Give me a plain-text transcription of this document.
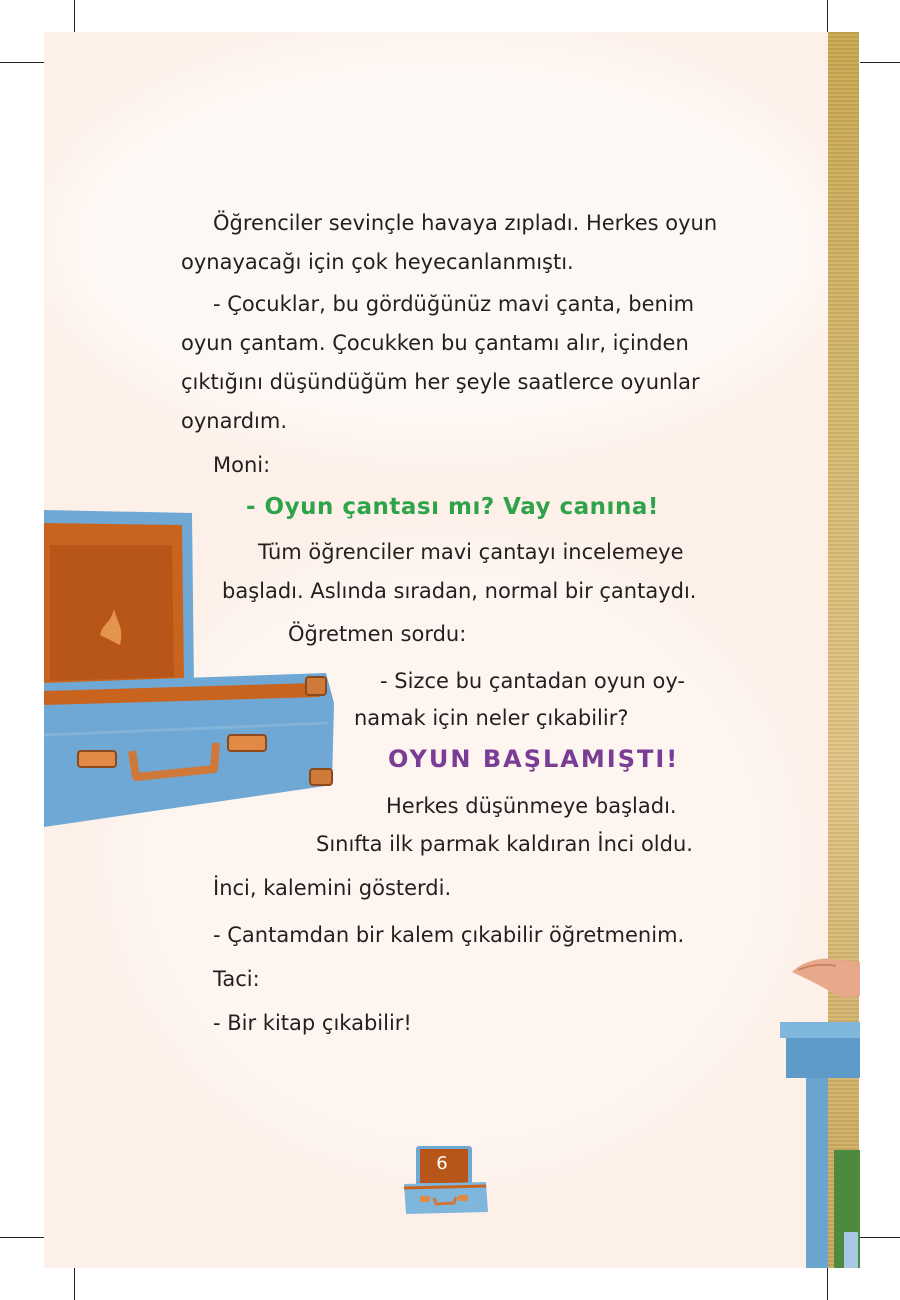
Öğrenciler sevinçle havaya zıpladı. Herkes oyun
oynayacağı için çok heyecanlanmıştı.
- Çocuklar, bu gördüğünüz mavi çanta, benim
oyun çantam. Çocukken bu çantamı alır, içinden
çıktığını düşündüğüm her şeyle saatlerce oyunlar
oynardım.
Moni:
- Oyun çantası mı? Vay canına!
Tüm öğrenciler mavi çantayı incelemeye
başladı. Aslında sıradan, normal bir çantaydı.
Öğretmen sordu:
- Sizce bu çantadan oyun oy-
namak için neler çıkabilir?
OYUN BAŞLAMIŞTI!
Herkes düşünmeye başladı.
Sınıfta ilk parmak kaldıran İnci oldu.
İnci, kalemini gösterdi.
- Çantamdan bir kalem çıkabilir öğretmenim.
Taci:
- Bir kitap çıkabilir!
6
